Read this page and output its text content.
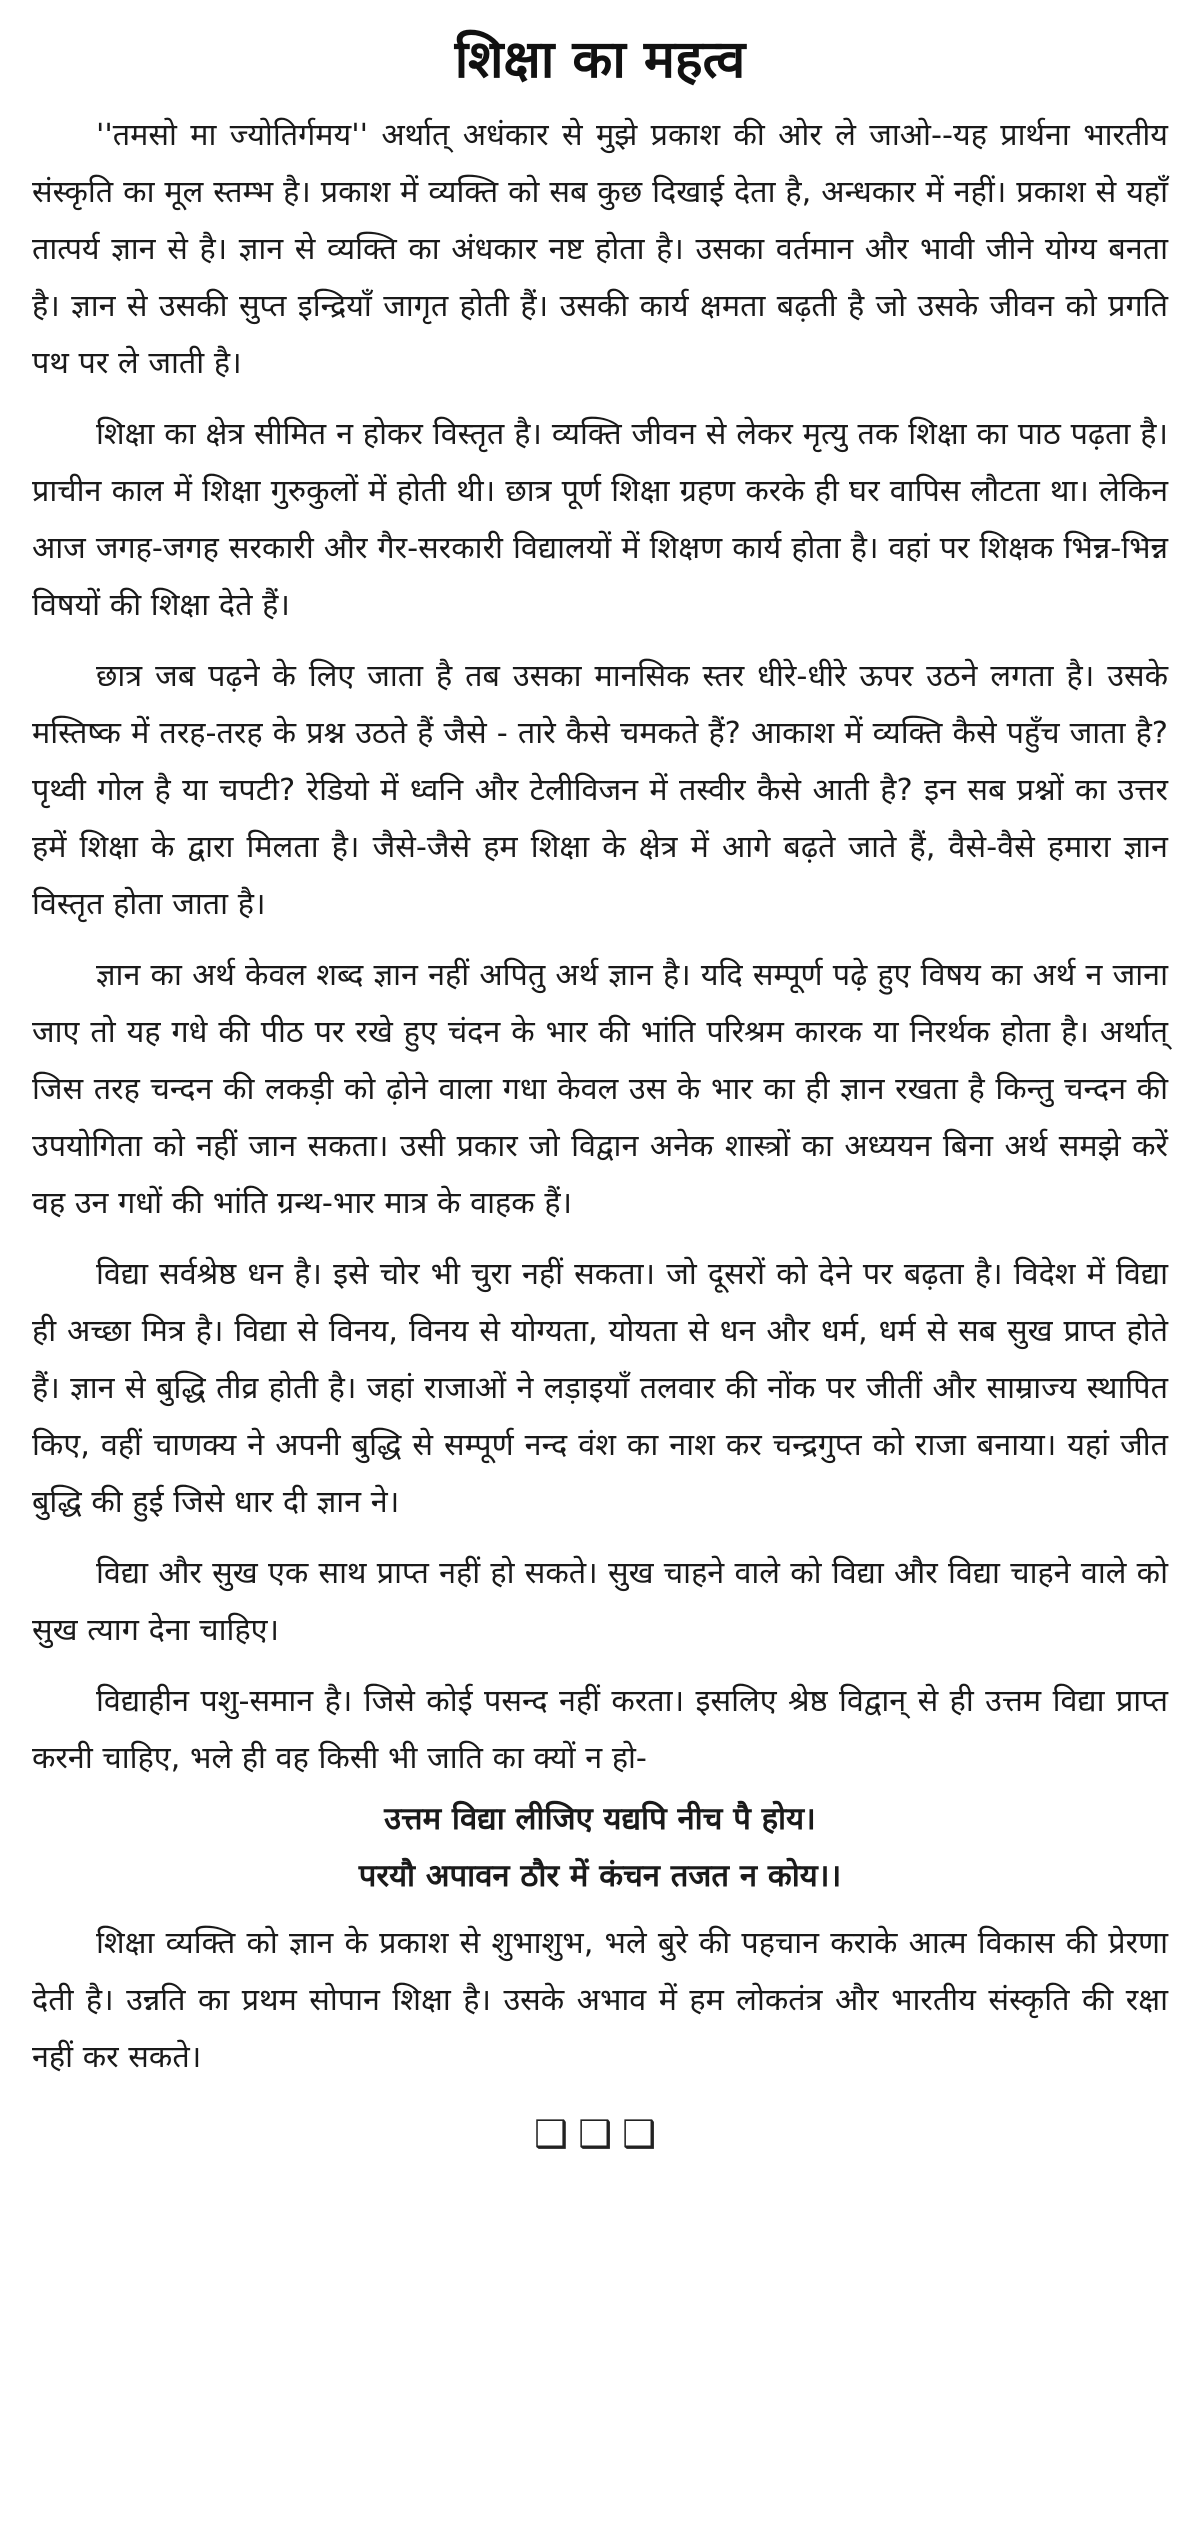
शिक्षा का महत्व

''तमसो मा ज्योतिर्गमय'' अर्थात् अधंकार से मुझे प्रकाश की ओर ले जाओ--यह प्रार्थना भारतीय संस्कृति का मूल स्तम्भ है। प्रकाश में व्यक्ति को सब कुछ दिखाई देता है, अन्धकार में नहीं। प्रकाश से यहाँ तात्पर्य ज्ञान से है। ज्ञान से व्यक्ति का अंधकार नष्ट होता है। उसका वर्तमान और भावी जीने योग्य बनता है। ज्ञान से उसकी सुप्त इन्द्रियाँ जागृत होती हैं। उसकी कार्य क्षमता बढ़ती है जो उसके जीवन को प्रगति पथ पर ले जाती है।

शिक्षा का क्षेत्र सीमित न होकर विस्तृत है। व्यक्ति जीवन से लेकर मृत्यु तक शिक्षा का पाठ पढ़ता है। प्राचीन काल में शिक्षा गुरुकुलों में होती थी। छात्र पूर्ण शिक्षा ग्रहण करके ही घर वापिस लौटता था। लेकिन आज जगह-जगह सरकारी और गैर-सरकारी विद्यालयों में शिक्षण कार्य होता है। वहां पर शिक्षक भिन्न-भिन्न विषयों की शिक्षा देते हैं।

छात्र जब पढ़ने के लिए जाता है तब उसका मानसिक स्तर धीरे-धीरे ऊपर उठने लगता है। उसके मस्तिष्क में तरह-तरह के प्रश्न उठते हैं जैसे - तारे कैसे चमकते हैं? आकाश में व्यक्ति कैसे पहुँच जाता है? पृथ्वी गोल है या चपटी? रेडियो में ध्वनि और टेलीविजन में तस्वीर कैसे आती है? इन सब प्रश्नों का उत्तर हमें शिक्षा के द्वारा मिलता है। जैसे-जैसे हम शिक्षा के क्षेत्र में आगे बढ़ते जाते हैं, वैसे-वैसे हमारा ज्ञान विस्तृत होता जाता है।

ज्ञान का अर्थ केवल शब्द ज्ञान नहीं अपितु अर्थ ज्ञान है। यदि सम्पूर्ण पढ़े हुए विषय का अर्थ न जाना जाए तो यह गधे की पीठ पर रखे हुए चंदन के भार की भांति परिश्रम कारक या निरर्थक होता है। अर्थात् जिस तरह चन्दन की लकड़ी को ढ़ोने वाला गधा केवल उस के भार का ही ज्ञान रखता है किन्तु चन्दन की उपयोगिता को नहीं जान सकता। उसी प्रकार जो विद्वान अनेक शास्त्रों का अध्ययन बिना अर्थ समझे करें वह उन गधों की भांति ग्रन्थ-भार मात्र के वाहक हैं।

विद्या सर्वश्रेष्ठ धन है। इसे चोर भी चुरा नहीं सकता। जो दूसरों को देने पर बढ़ता है। विदेश में विद्या ही अच्छा मित्र है। विद्या से विनय, विनय से योग्यता, योयता से धन और धर्म, धर्म से सब सुख प्राप्त होते हैं। ज्ञान से बुद्धि तीव्र होती है। जहां राजाओं ने लड़ाइयाँ तलवार की नोंक पर जीतीं और साम्राज्य स्थापित किए, वहीं चाणक्य ने अपनी बुद्धि से सम्पूर्ण नन्द वंश का नाश कर चन्द्रगुप्त को राजा बनाया। यहां जीत बुद्धि की हुई जिसे धार दी ज्ञान ने।

विद्या और सुख एक साथ प्राप्त नहीं हो सकते। सुख चाहने वाले को विद्या और विद्या चाहने वाले को सुख त्याग देना चाहिए।

विद्याहीन पशु-समान है। जिसे कोई पसन्द नहीं करता। इसलिए श्रेष्ठ विद्वान् से ही उत्तम विद्या प्राप्त करनी चाहिए, भले ही वह किसी भी जाति का क्यों न हो-

उत्तम विद्या लीजिए यद्यपि नीच पै होय।
परयौ अपावन ठौर में कंचन तजत न कोय।।

शिक्षा व्यक्ति को ज्ञान के प्रकाश से शुभाशुभ, भले बुरे की पहचान कराके आत्म विकास की प्रेरणा देती है। उन्नति का प्रथम सोपान शिक्षा है। उसके अभाव में हम लोकतंत्र और भारतीय संस्कृति की रक्षा नहीं कर सकते।

❑❑❑
